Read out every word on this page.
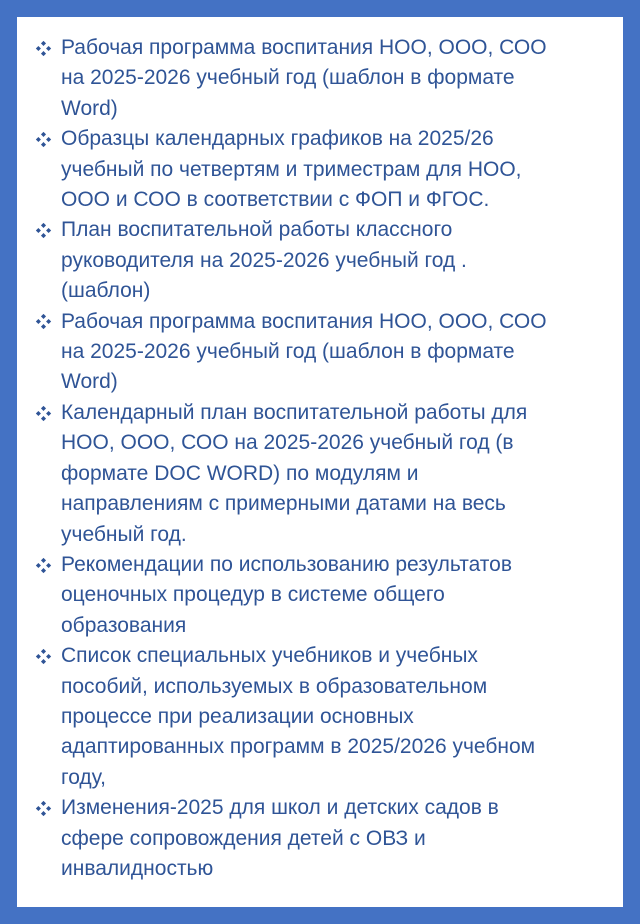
Рабочая программа воспитания НОО, ООО, СОО
на 2025-2026 учебный год (шаблон в формате
Word)
Образцы календарных графиков на 2025/26
учебный по четвертям и триместрам для НОО,
ООО и СОО в соответствии с ФОП и ФГОС.
План воспитательной работы классного
руководителя на 2025-2026 учебный год .
(шаблон)
Рабочая программа воспитания НОО, ООО, СОО
на 2025-2026 учебный год (шаблон в формате
Word)
Календарный план воспитательной работы для
НОО, ООО, СОО на 2025-2026 учебный год (в
формате DOC WORD) по модулям и
направлениям с примерными датами на весь
учебный год.
Рекомендации по использованию результатов
оценочных процедур в системе общего
образования
Список специальных учебников и учебных
пособий, используемых в образовательном
процессе при реализации основных
адаптированных программ в 2025/2026 учебном
году,
Изменения-2025 для школ и детских садов в
сфере сопровождения детей с ОВЗ и
инвалидностью
